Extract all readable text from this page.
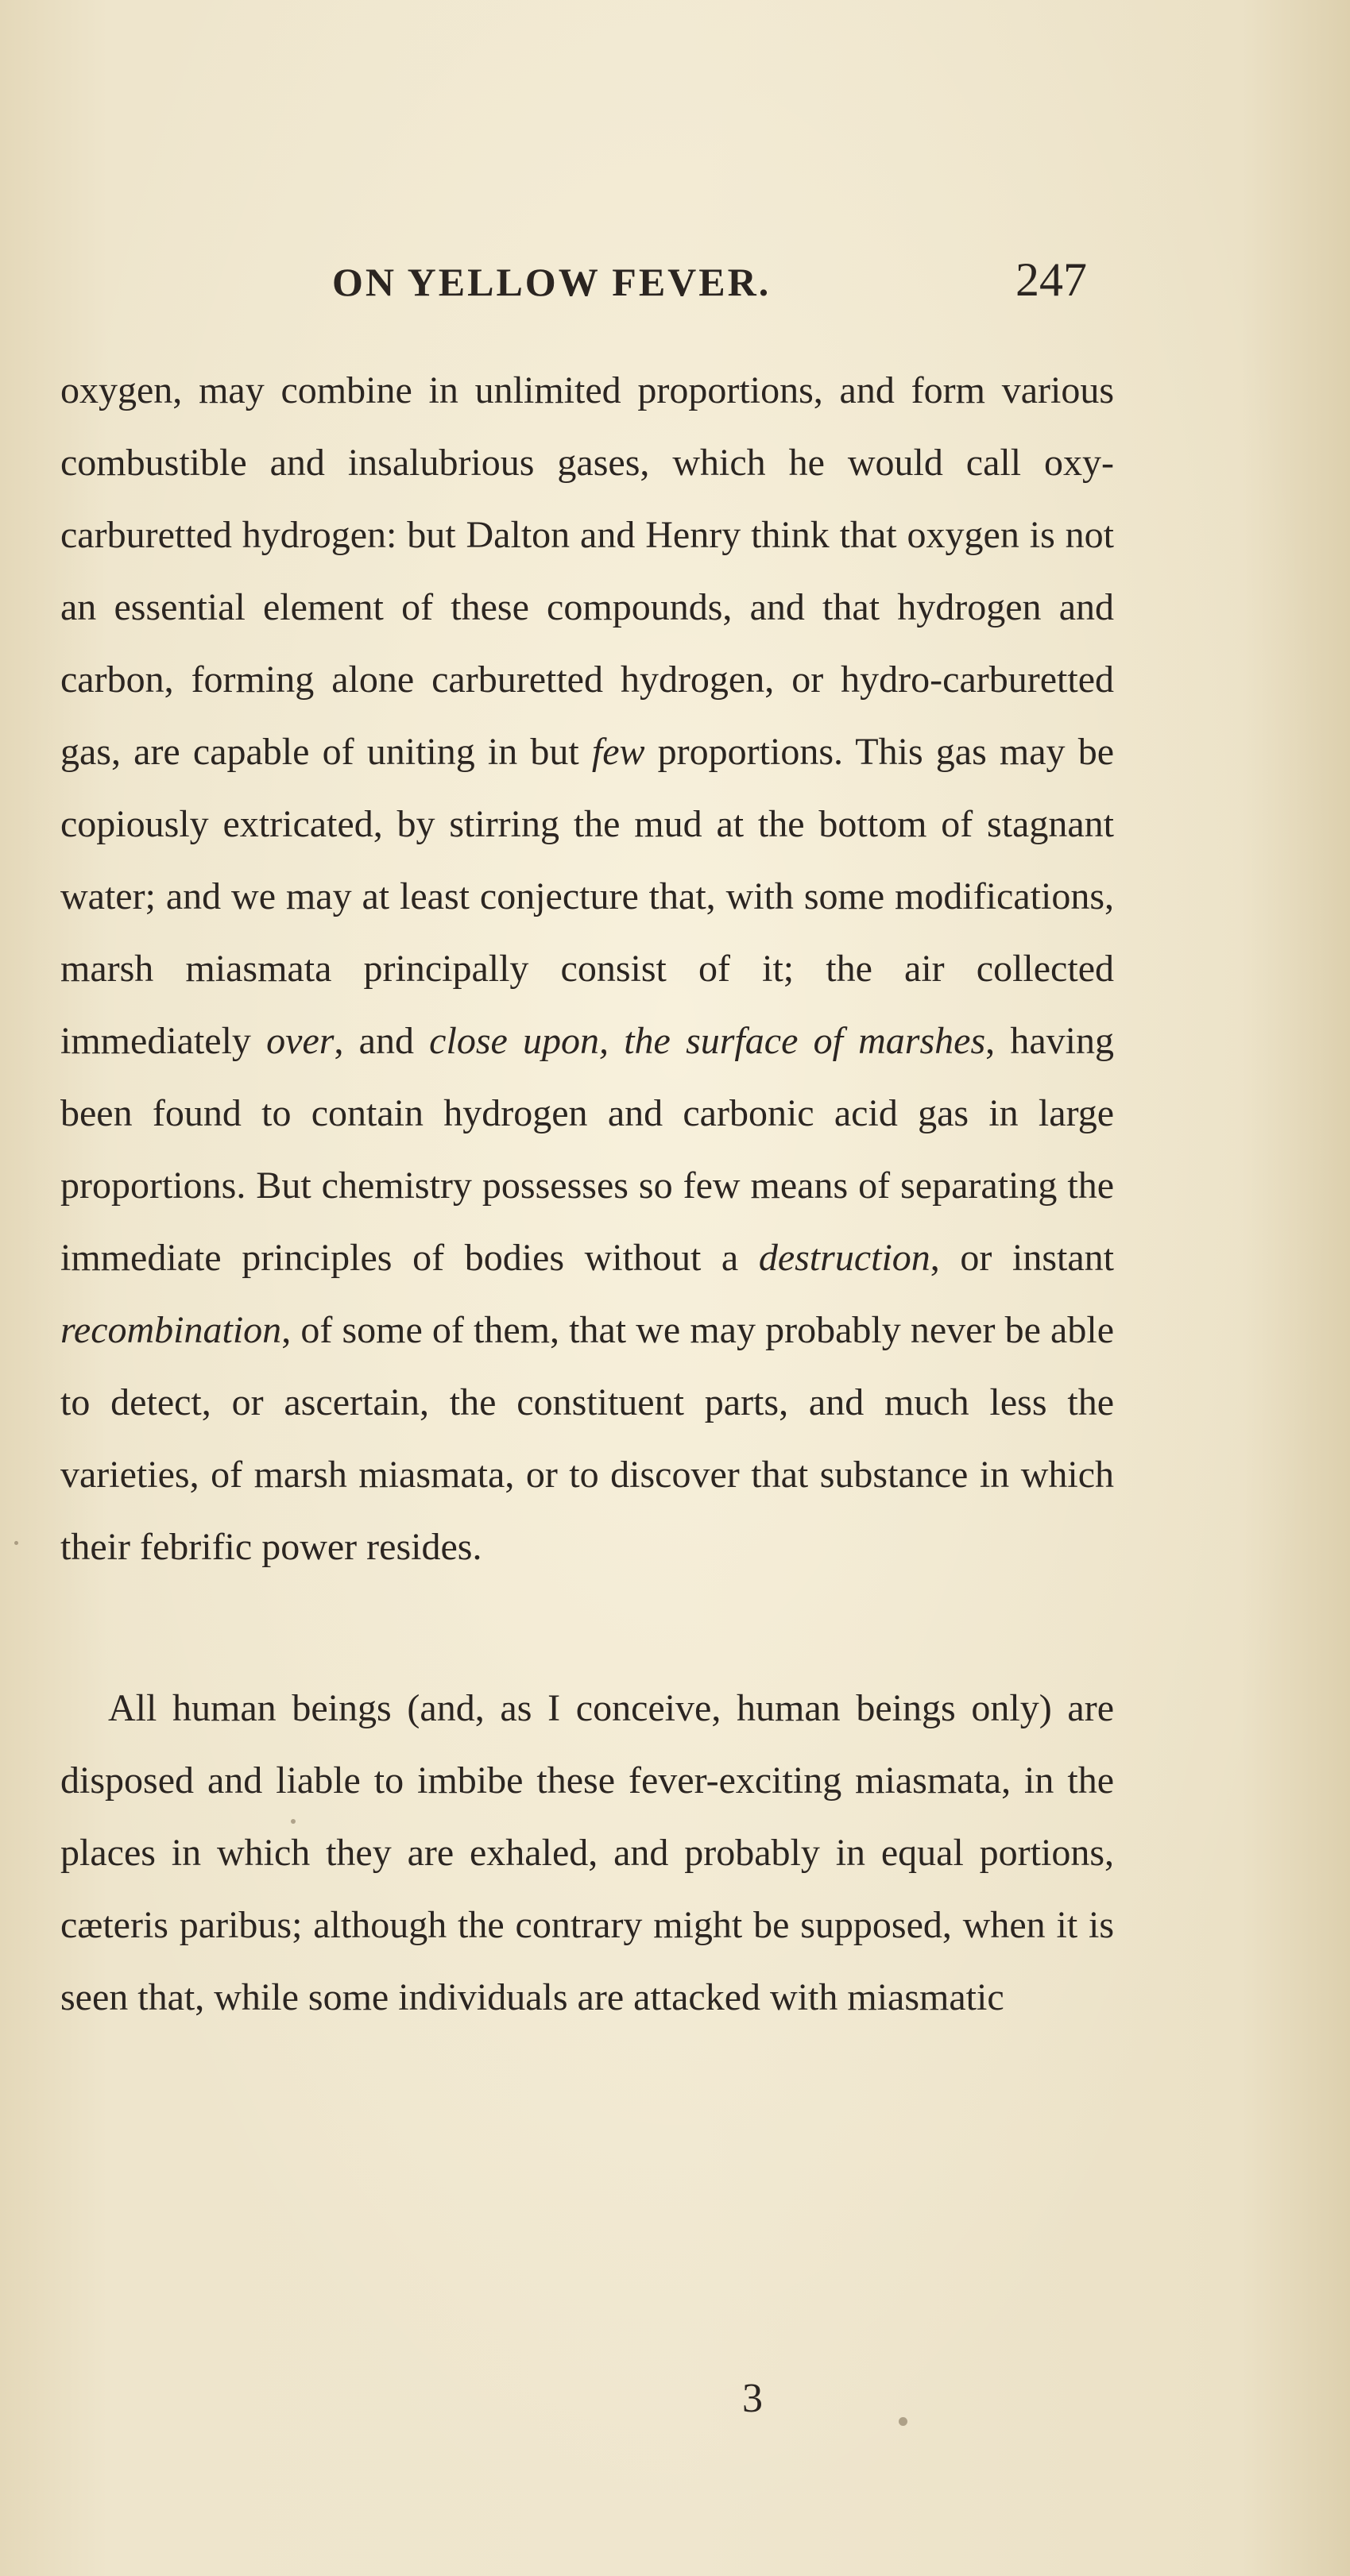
ON YELLOW FEVER.	247

oxygen, may combine in unlimited proportions, and form various combustible and insalubrious gases, which he would call oxy-carburetted hydrogen: but Dalton and Henry think that oxygen is not an essential element of these compounds, and that hydrogen and carbon, forming alone carburetted hydrogen, or hydro-carburetted gas, are capable of uniting in but few proportions. This gas may be copiously extricated, by stirring the mud at the bottom of stagnant water; and we may at least conjecture that, with some modifications, marsh miasmata principally consist of it; the air collected immediately over, and close upon, the surface of marshes, having been found to contain hydrogen and carbonic acid gas in large proportions. But chemistry possesses so few means of separating the immediate principles of bodies without a destruction, or instant recombination, of some of them, that we may probably never be able to detect, or ascertain, the constituent parts, and much less the varieties, of marsh miasmata, or to discover that substance in which their febrific power resides.

All human beings (and, as I conceive, human beings only) are disposed and liable to imbibe these fever-exciting miasmata, in the places in which they are exhaled, and probably in equal portions, cæteris paribus; although the contrary might be supposed, when it is seen that, while some individuals are attacked with miasmatic

3
